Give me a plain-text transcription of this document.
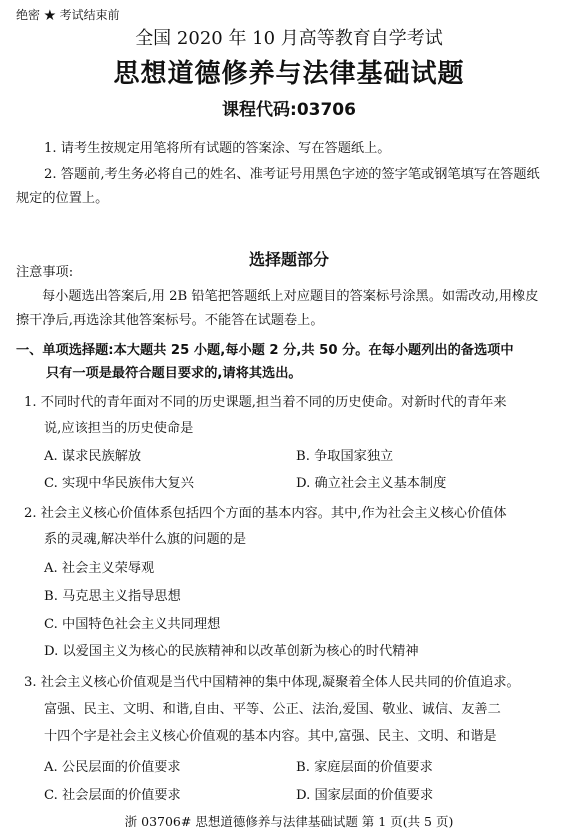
绝密 ★ 考试结束前
全国 2020 年 10 月高等教育自学考试
思想道德修养与法律基础试题
课程代码:03706
1. 请考生按规定用笔将所有试题的答案涂、写在答题纸上。
2. 答题前,考生务必将自己的姓名、准考证号用黑色字迹的签字笔或钢笔填写在答题纸
规定的位置上。
选择题部分
注意事项:
每小题选出答案后,用 2B 铅笔把答题纸上对应题目的答案标号涂黑。如需改动,用橡皮
擦干净后,再选涂其他答案标号。不能答在试题卷上。
一、单项选择题:本大题共 25 小题,每小题 2 分,共 50 分。在每小题列出的备选项中
只有一项是最符合题目要求的,请将其选出。
1. 不同时代的青年面对不同的历史课题,担当着不同的历史使命。对新时代的青年来
说,应该担当的历史使命是
A. 谋求民族解放	B. 争取国家独立
C. 实现中华民族伟大复兴	D. 确立社会主义基本制度
2. 社会主义核心价值体系包括四个方面的基本内容。其中,作为社会主义核心价值体
系的灵魂,解决举什么旗的问题的是
A. 社会主义荣辱观
B. 马克思主义指导思想
C. 中国特色社会主义共同理想
D. 以爱国主义为核心的民族精神和以改革创新为核心的时代精神
3. 社会主义核心价值观是当代中国精神的集中体现,凝聚着全体人民共同的价值追求。
富强、民主、文明、和谐,自由、平等、公正、法治,爱国、敬业、诚信、友善二
十四个字是社会主义核心价值观的基本内容。其中,富强、民主、文明、和谐是
A. 公民层面的价值要求	B. 家庭层面的价值要求
C. 社会层面的价值要求	D. 国家层面的价值要求
浙 03706# 思想道德修养与法律基础试题 第 1 页(共 5 页)
